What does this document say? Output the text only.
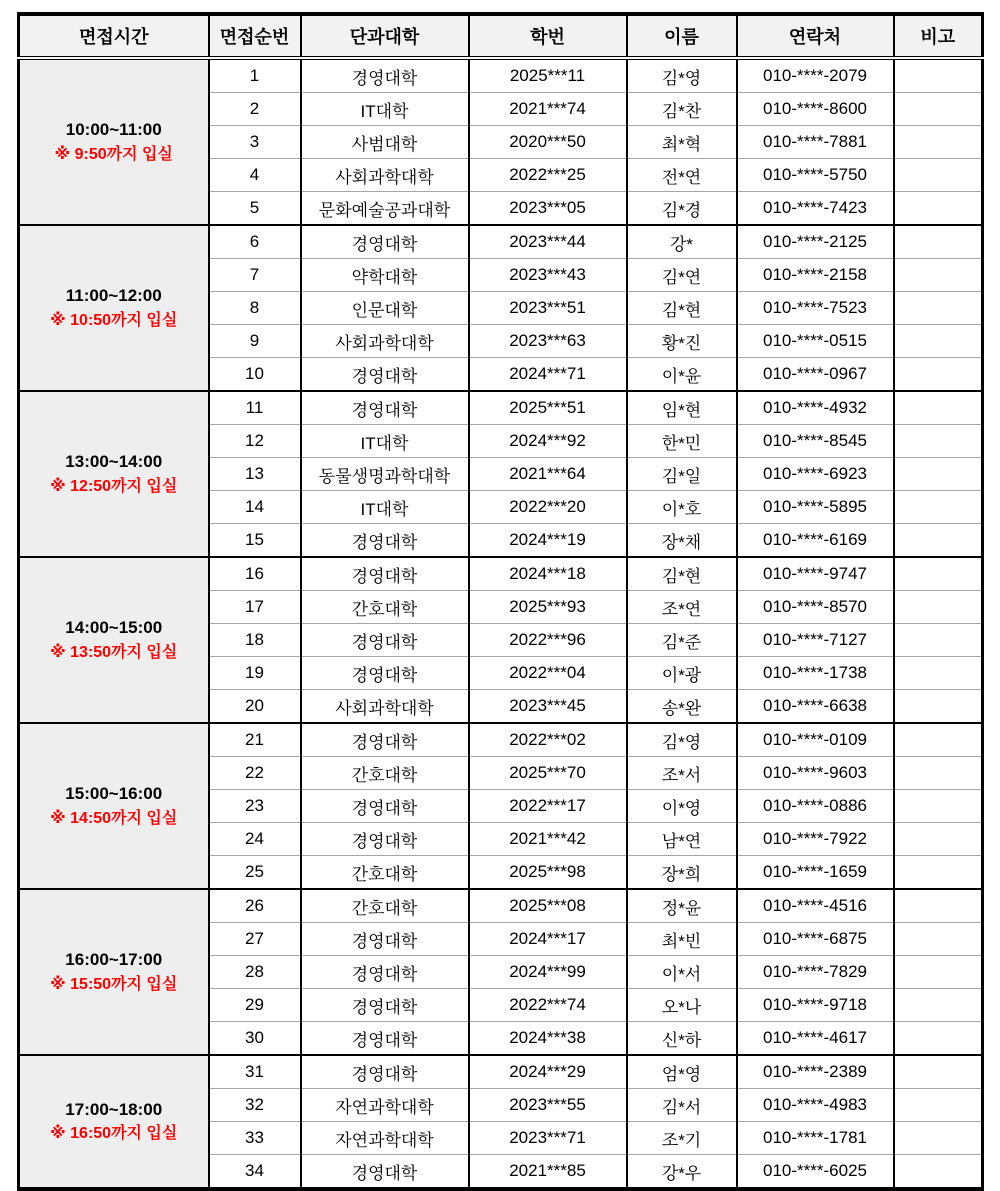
면접시간	면접순번	단과대학	학번	이름	연락처	비고

10:00~11:00
※ 9:50까지 입실	1	경영대학	2025***11	김*영	010-****-2079	
	2	IT대학	2021***74	김*찬	010-****-8600	
	3	사범대학	2020***50	최*혁	010-****-7881	
	4	사회과학대학	2022***25	전*연	010-****-5750	
	5	문화예술공과대학	2023***05	김*경	010-****-7423	

11:00~12:00
※ 10:50까지 입실	6	경영대학	2023***44	강*	010-****-2125	
	7	약학대학	2023***43	김*연	010-****-2158	
	8	인문대학	2023***51	김*현	010-****-7523	
	9	사회과학대학	2023***63	황*진	010-****-0515	
	10	경영대학	2024***71	이*윤	010-****-0967	

13:00~14:00
※ 12:50까지 입실	11	경영대학	2025***51	임*현	010-****-4932	
	12	IT대학	2024***92	한*민	010-****-8545	
	13	동물생명과학대학	2021***64	김*일	010-****-6923	
	14	IT대학	2022***20	이*호	010-****-5895	
	15	경영대학	2024***19	장*채	010-****-6169	

14:00~15:00
※ 13:50까지 입실	16	경영대학	2024***18	김*현	010-****-9747	
	17	간호대학	2025***93	조*연	010-****-8570	
	18	경영대학	2022***96	김*준	010-****-7127	
	19	경영대학	2022***04	이*광	010-****-1738	
	20	사회과학대학	2023***45	송*완	010-****-6638	

15:00~16:00
※ 14:50까지 입실	21	경영대학	2022***02	김*영	010-****-0109	
	22	간호대학	2025***70	조*서	010-****-9603	
	23	경영대학	2022***17	이*영	010-****-0886	
	24	경영대학	2021***42	남*연	010-****-7922	
	25	간호대학	2025***98	장*희	010-****-1659	

16:00~17:00
※ 15:50까지 입실	26	간호대학	2025***08	정*윤	010-****-4516	
	27	경영대학	2024***17	최*빈	010-****-6875	
	28	경영대학	2024***99	이*서	010-****-7829	
	29	경영대학	2022***74	오*나	010-****-9718	
	30	경영대학	2024***38	신*하	010-****-4617	

17:00~18:00
※ 16:50까지 입실	31	경영대학	2024***29	엄*영	010-****-2389	
	32	자연과학대학	2023***55	김*서	010-****-4983	
	33	자연과학대학	2023***71	조*기	010-****-1781	
	34	경영대학	2021***85	강*우	010-****-6025	
